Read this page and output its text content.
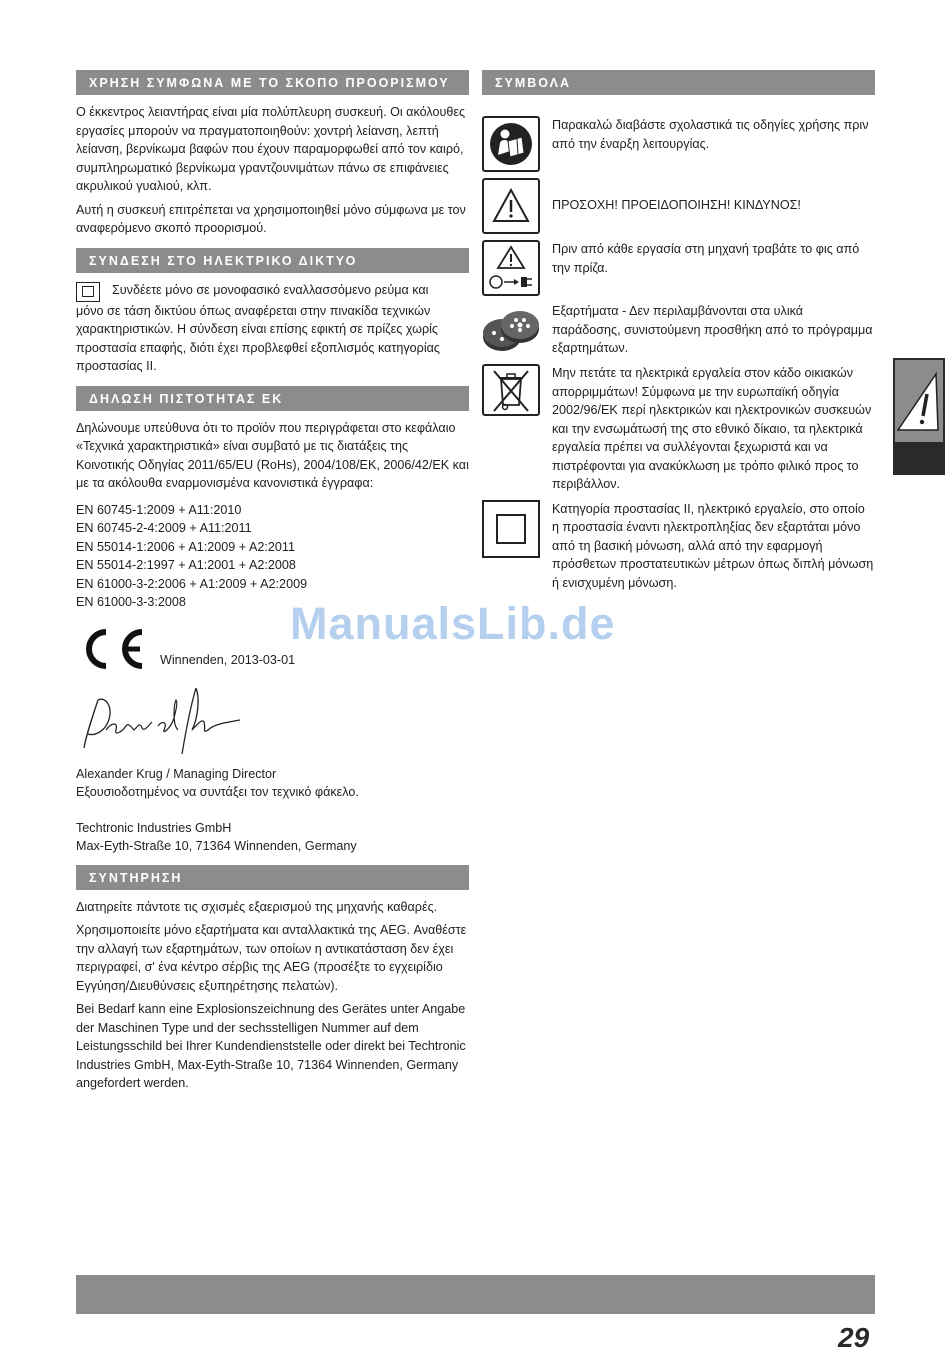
ΧΡΗΣΗ ΣΥΜΦΩΝΑ ΜΕ ΤΟ ΣΚΟΠΟ ΠΡΟΟΡΙΣΜΟΥ

Ο έκκεντρος λειαντήρας είναι μία πολύπλευρη συσκευή. Οι ακόλουθες εργασίες μπορούν να πραγματοποιηθούν: χοντρή λείανση, λεπτή λείανση, βερνίκωμα βαφών που έχουν παραμορφωθεί από τον καιρό, συμπληρωματικό βερνίκωμα γραντζουνιμάτων πάνω σε επιφάνειες ακρυλικού γυαλιού, κλπ.

Αυτή η συσκευή επιτρέπεται να χρησιμοποιηθεί μόνο σύμφωνα με τον αναφερόμενο σκοπό προορισμού.

ΣΥΝΔΕΣΗ ΣΤΟ ΗΛΕΚΤΡΙΚΟ ΔΙΚΤΥΟ

Συνδέετε μόνο σε μονοφασικό εναλλασσόμενο ρεύμα και

μόνο σε τάση δικτύου όπως αναφέρεται στην πινακίδα τεχνικών χαρακτηριστικών. Η σύνδεση είναι επίσης εφικτή σε πρίζες χωρίς προστασία επαφής, διότι έχει προβλεφθεί εξοπλισμός κατηγορίας προστασίας ΙΙ.

ΔΗΛΩΣΗ ΠΙΣΤΟΤΗΤΑΣ ΕΚ

Δηλώνουμε υπεύθυνα ότι το προϊόν που περιγράφεται στο κεφάλαιο «Τεχνικά χαρακτηριστικά» είναι συμβατό με τις διατάξεις της Κοινοτικής Οδηγίας 2011/65/EU (RoHs), 2004/108/EK, 2006/42/ΕΚ και με τα ακόλουθα εναρμονισμένα κανονιστικά έγγραφα:

EN 60745-1:2009 + A11:2010

EN 60745-2-4:2009 + A11:2011

EN 55014-1:2006 + A1:2009 + A2:2011

EN 55014-2:1997 + A1:2001 + A2:2008

EN 61000-3-2:2006 + A1:2009 + A2:2009

EN 61000-3-3:2008

Winnenden, 2013-03-01

Alexander Krug / Managing Director

Εξουσιοδοτημένος να συντάξει τον τεχνικό φάκελο.

Techtronic Industries GmbH

Max-Eyth-Straße 10, 71364 Winnenden, Germany

ΣΥΝΤΗΡΗΣΗ

Διατηρείτε πάντοτε τις σχισμές εξαερισμού της μηχανής καθαρές.

Χρησιμοποιείτε μόνο εξαρτήματα και ανταλλακτικά της AEG. Αναθέστε την αλλαγή των εξαρτημάτων, των οποίων η αντικατάσταση δεν έχει περιγραφεί, σ' ένα κέντρο σέρβις της AEG (προσέξτε το εγχειρίδιο Εγγύηση/Διευθύνσεις εξυπηρέτησης πελατών).

Bei Bedarf kann eine Explosionszeichnung des Gerätes unter Angabe der Maschinen Type und der sechsstelligen Nummer auf dem Leistungsschild bei Ihrer Kundendienststelle oder direkt bei Techtronic Industries GmbH, Max-Eyth-Straße 10, 71364 Winnenden, Germany angefordert werden.

ΣΥΜΒΟΛΑ

Παρακαλώ διαβάστε σχολαστικά τις οδηγίες χρήσης πριν από την έναρξη λειτουργίας.

ΠΡΟΣΟΧΗ! ΠΡΟΕΙΔΟΠΟΙΗΣΗ! ΚΙΝΔΥΝΟΣ!

Πριν από κάθε εργασία στη μηχανή τραβάτε το φις από την πρίζα.

Εξαρτήματα - Δεν περιλαμβάνονται στα υλικά παράδοσης, συνιστούμενη προσθήκη από το πρόγραμμα εξαρτημάτων.

Μην πετάτε τα ηλεκτρικά εργαλεία στον κάδο οικιακών απορριμμάτων! Σύμφωνα με την ευρωπαϊκή οδηγία 2002/96/ΕΚ περί ηλεκτρικών και ηλεκτρονικών συσκευών και την ενσωμάτωσή της στο εθνικό δίκαιο, τα ηλεκτρικά εργαλεία πρέπει να συλλέγονται ξεχωριστά και να πιστρέφονται για ανακύκλωση με τρόπο φιλικό προς το περιβάλλον.

Κατηγορία προστασίας ΙΙ, ηλεκτρικό εργαλείο, στο οποίο η προστασία έναντι ηλεκτροπληξίας δεν εξαρτάται μόνο από τη βασική μόνωση, αλλά από την εφαρμογή πρόσθετων προστατευτικών μέτρων όπως διπλή μόνωση ή ενισχυμένη μόνωση.

ManualsLib.de
29
